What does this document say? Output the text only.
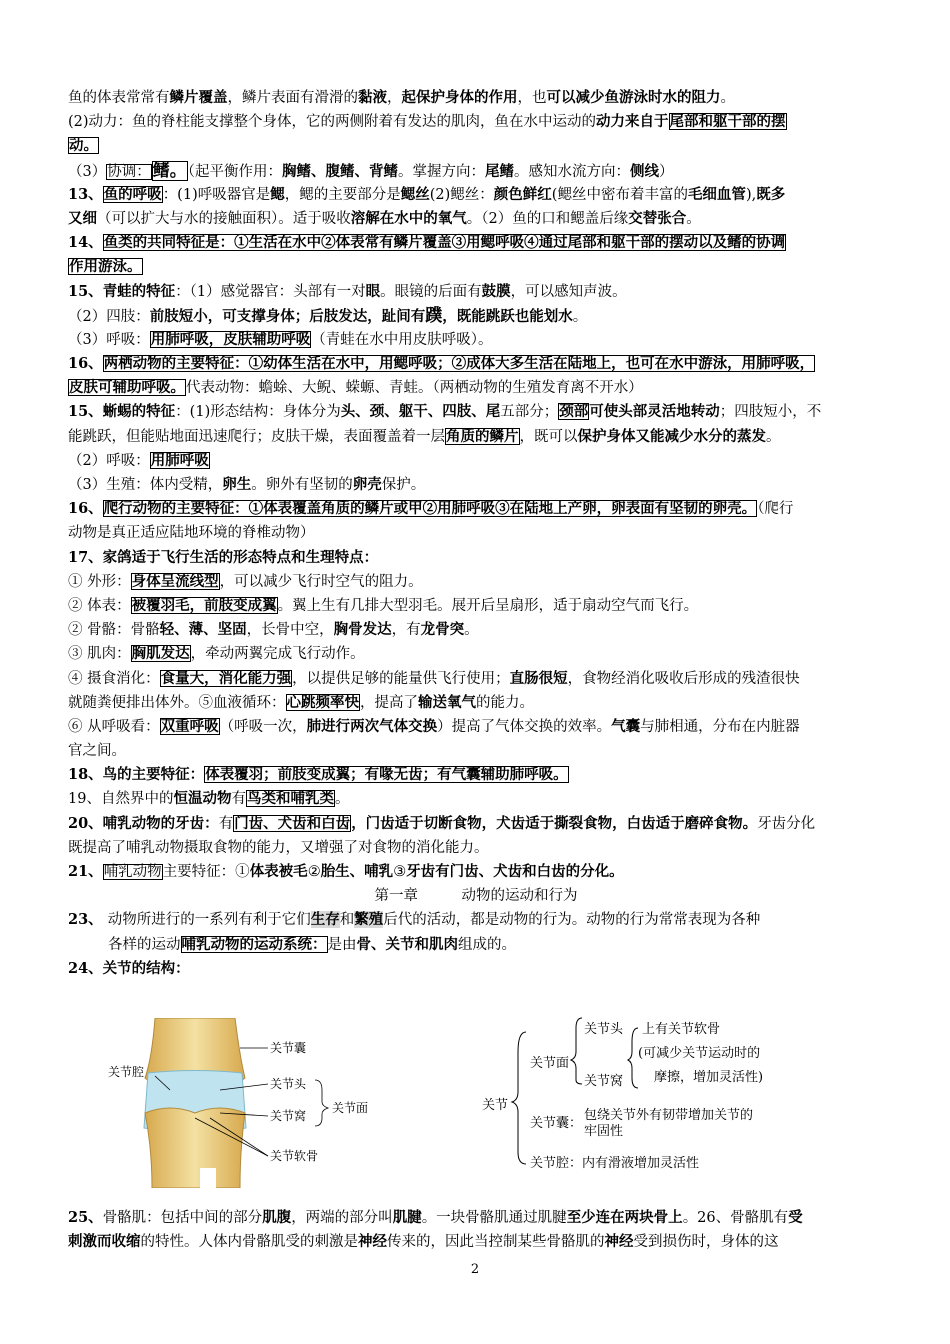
鱼的体表常常有鳞片覆盖，鳞片表面有滑滑的黏液，起保护身体的作用，也可以减少鱼游泳时水的阻力。
(2)动力：鱼的脊柱能支撑整个身体，它的两侧附着有发达的肌肉，鱼在水中运动的动力来自于尾部和躯干部的摆
动。
（3）协调： 鳍。（起平衡作用：胸鳍、腹鳍、背鳍。掌握方向：尾鳍。感知水流方向：侧线）
13、鱼的呼吸：(1)呼吸器官是鳃，鳃的主要部分是鳃丝(2)鳃丝：颜色鲜红(鳃丝中密布着丰富的毛细血管),既多
又细（可以扩大与水的接触面积）。适于吸收溶解在水中的氧气。（2）鱼的口和鳃盖后缘交替张合。
14、鱼类的共同特征是：①生活在水中②体表常有鳞片覆盖③用鳃呼吸④通过尾部和躯干部的摆动以及鳍的协调
作用游泳。
15、青蛙的特征：（1）感觉器官：头部有一对眼。眼镜的后面有鼓膜，可以感知声波。
（2）四肢：前肢短小，可支撑身体；后肢发达，趾间有蹼，既能跳跃也能划水。
（3）呼吸：用肺呼吸，皮肤辅助呼吸（青蛙在水中用皮肤呼吸）。
16、两栖动物的主要特征：①幼体生活在水中，用鳃呼吸；②成体大多生活在陆地上，也可在水中游泳，用肺呼吸，
皮肤可辅助呼吸。代表动物：蟾蜍、大鲵、蝾螈、青蛙。（两栖动物的生殖发育离不开水）
15、蜥蜴的特征：(1)形态结构：身体分为头、颈、躯干、四肢、尾五部分；颈部可使头部灵活地转动；四肢短小，不
能跳跃，但能贴地面迅速爬行；皮肤干燥，表面覆盖着一层角质的鳞片，既可以保护身体又能减少水分的蒸发。
（2）呼吸：用肺呼吸
（3）生殖：体内受精，卵生。卵外有坚韧的卵壳保护。
16、爬行动物的主要特征：①体表覆盖角质的鳞片或甲②用肺呼吸③在陆地上产卵，卵表面有坚韧的卵壳。（爬行
动物是真正适应陆地环境的脊椎动物）
17、家鸽适于飞行生活的形态特点和生理特点：
① 外形：身体呈流线型，可以减少飞行时空气的阻力。
② 体表：被覆羽毛，前肢变成翼。翼上生有几排大型羽毛。展开后呈扇形，适于扇动空气而飞行。
② 骨骼：骨骼轻、薄、坚固，长骨中空，胸骨发达，有龙骨突。
③ 肌肉：胸肌发达，牵动两翼完成飞行动作。
④ 摄食消化：食量大，消化能力强，以提供足够的能量供飞行使用；直肠很短，食物经消化吸收后形成的残渣很快
就随粪便排出体外。⑤血液循环：心跳频率快，提高了输送氧气的能力。
⑥ 从呼吸看：双重呼吸（呼吸一次，肺进行两次气体交换）提高了气体交换的效率。气囊与肺相通，分布在内脏器
官之间。
18、鸟的主要特征：体表覆羽；前肢变成翼；有喙无齿；有气囊辅助肺呼吸。
19、自然界中的恒温动物有鸟类和哺乳类。
20、哺乳动物的牙齿：有门齿、犬齿和白齿，门齿适于切断食物，犬齿适于撕裂食物，白齿适于磨碎食物。牙齿分化
既提高了哺乳动物摄取食物的能力，又增强了对食物的消化能力。
21、哺乳动物主要特征：①体表被毛②胎生、哺乳③牙齿有门齿、犬齿和白齿的分化。
第一章　　　动物的运动和行为
23、 动物所进行的一系列有利于它们生存和繁殖后代的活动，都是动物的行为。动物的行为常常表现为各种
各样的运动哺乳动物的运动系统：是由骨、关节和肌肉组成的。
24、关节的结构：
关节囊
关节腔
关节头
关节窝
关节软骨
关节面	关节
关节面
关节头
关节窝
上有关节软骨
(可减少关节运动时的
摩擦，增加灵活性)
关节囊：
包绕关节外有韧带增加关节的
牢固性
关节腔：内有滑液增加灵活性
25、骨骼肌：包括中间的部分肌腹，两端的部分叫肌腱。一块骨骼肌通过肌腱至少连在两块骨上。26、骨骼肌有受
刺激而收缩的特性。人体内骨骼肌受的刺激是神经传来的，因此当控制某些骨骼肌的神经受到损伤时，身体的这
2
